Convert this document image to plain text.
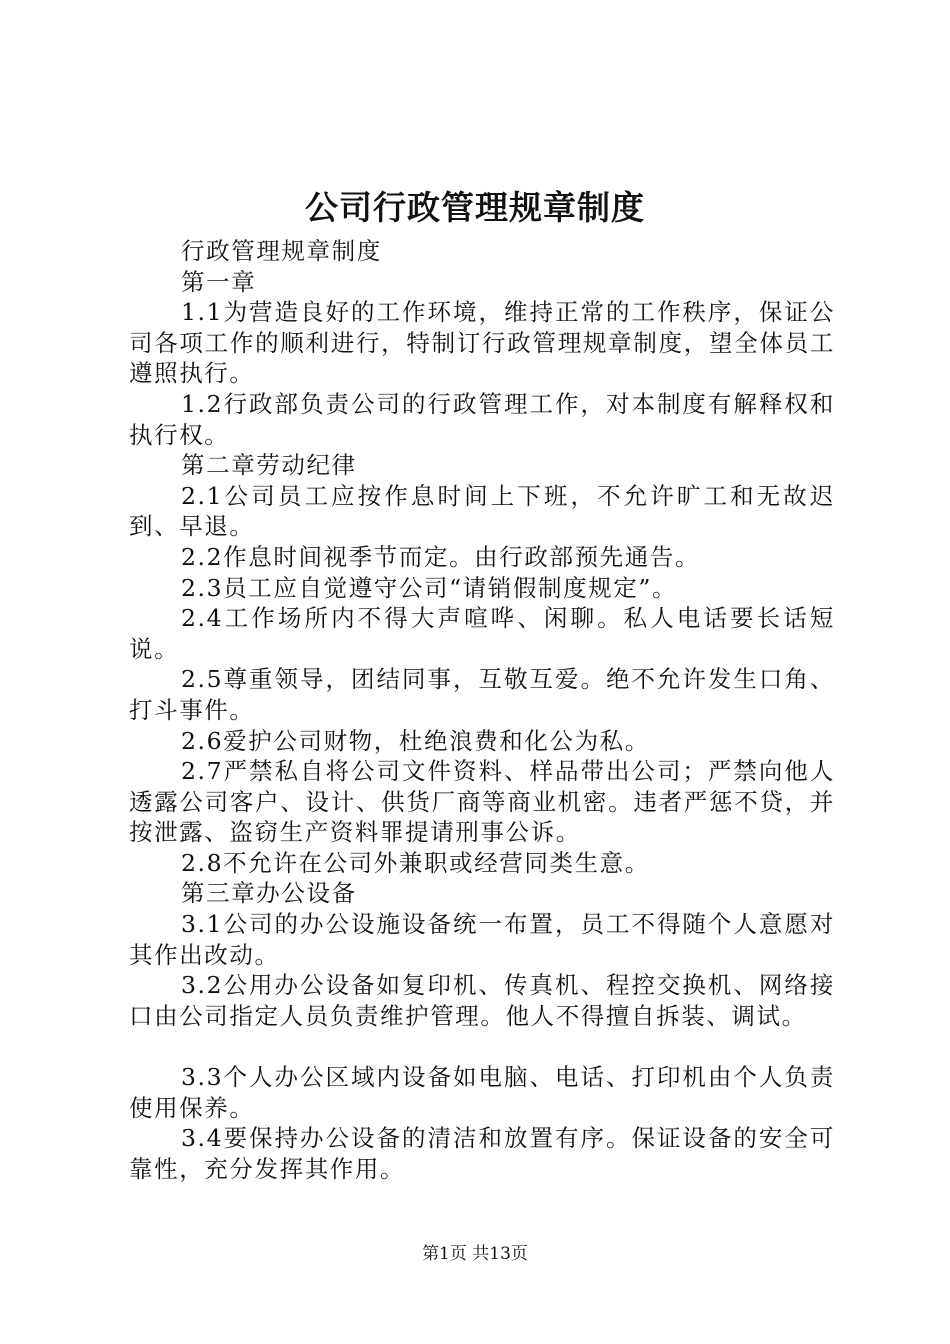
公司行政管理规章制度

行政管理规章制度

第一章

1.1为营造良好的工作环境，维持正常的工作秩序，保证公司各项工作的顺利进行，特制订行政管理规章制度，望全体员工遵照执行。

1.2行政部负责公司的行政管理工作，对本制度有解释权和执行权。

第二章劳动纪律

2.1公司员工应按作息时间上下班，不允许旷工和无故迟到、早退。

2.2作息时间视季节而定。由行政部预先通告。

2.3员工应自觉遵守公司“请销假制度规定”。

2.4工作场所内不得大声喧哗、闲聊。私人电话要长话短说。

2.5尊重领导，团结同事，互敬互爱。绝不允许发生口角、打斗事件。

2.6爱护公司财物，杜绝浪费和化公为私。

2.7严禁私自将公司文件资料、样品带出公司；严禁向他人透露公司客户、设计、供货厂商等商业机密。违者严惩不贷，并按泄露、盗窃生产资料罪提请刑事公诉。

2.8不允许在公司外兼职或经营同类生意。

第三章办公设备

3.1公司的办公设施设备统一布置，员工不得随个人意愿对其作出改动。

3.2公用办公设备如复印机、传真机、程控交换机、网络接口由公司指定人员负责维护管理。他人不得擅自拆装、调试。

3.3个人办公区域内设备如电脑、电话、打印机由个人负责使用保养。

3.4要保持办公设备的清洁和放置有序。保证设备的安全可靠性，充分发挥其作用。

第1页 共13页
